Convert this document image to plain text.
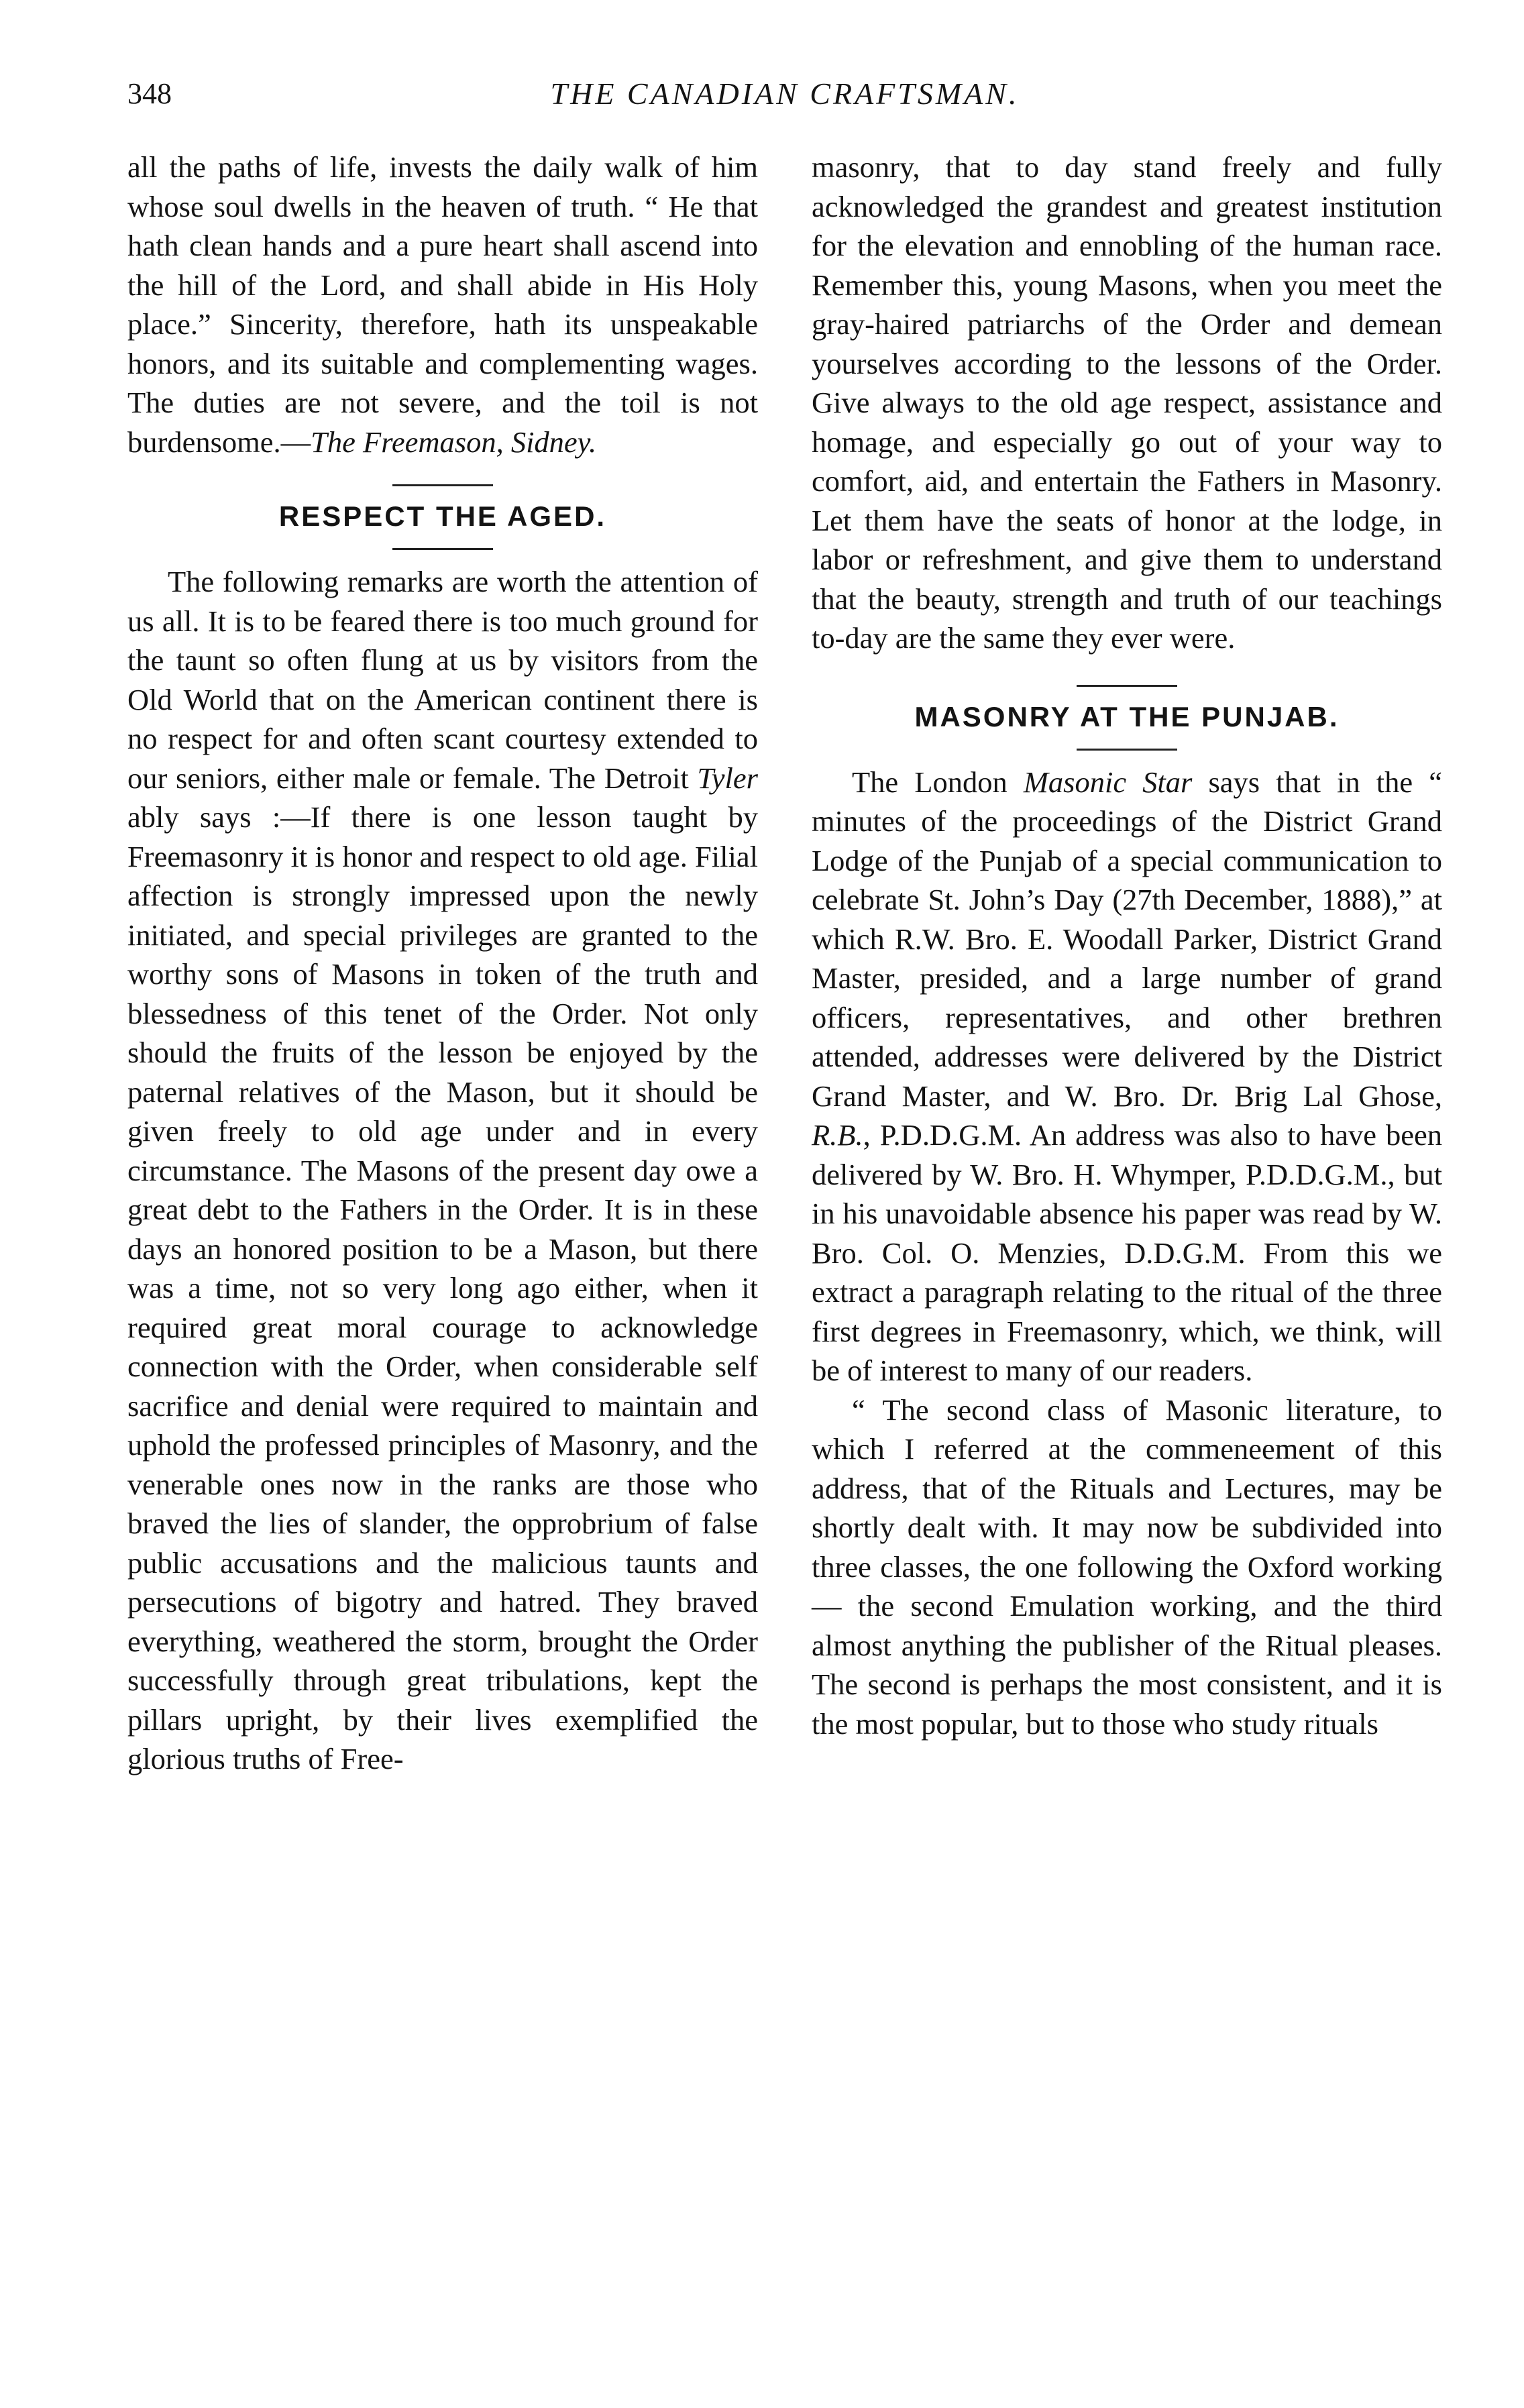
348	THE CANADIAN CRAFTSMAN.

all the paths of life, invests the daily walk of him whose soul dwells in the heaven of truth. “ He that hath clean hands and a pure heart shall ascend into the hill of the Lord, and shall abide in His Holy place.” Sincerity, therefore, hath its unspeakable honors, and its suitable and complementing wages. The duties are not severe, and the toil is not burdensome.—The Freemason, Sidney.

RESPECT THE AGED.

The following remarks are worth the attention of us all. It is to be feared there is too much ground for the taunt so often flung at us by visitors from the Old World that on the American continent there is no respect for and often scant courtesy extended to our seniors, either male or female. The Detroit Tyler ably says :—If there is one lesson taught by Freemasonry it is honor and respect to old age. Filial affection is strongly impressed upon the newly initiated, and special privileges are granted to the worthy sons of Masons in token of the truth and blessedness of this tenet of the Order. Not only should the fruits of the lesson be enjoyed by the paternal relatives of the Mason, but it should be given freely to old age under and in every circumstance. The Masons of the present day owe a great debt to the Fathers in the Order. It is in these days an honored position to be a Mason, but there was a time, not so very long ago either, when it required great moral courage to acknowledge connection with the Order, when considerable self sacrifice and denial were required to maintain and uphold the professed principles of Masonry, and the venerable ones now in the ranks are those who braved the lies of slander, the opprobrium of false public accusations and the malicious taunts and persecutions of bigotry and hatred. They braved everything, weathered the storm, brought the Order successfully through great tribulations, kept the pillars upright, by their lives exemplified the glorious truths of Free-

masonry, that to day stand freely and fully acknowledged the grandest and greatest institution for the elevation and ennobling of the human race. Remember this, young Masons, when you meet the gray-haired patriarchs of the Order and demean yourselves according to the lessons of the Order. Give always to the old age respect, assistance and homage, and especially go out of your way to comfort, aid, and entertain the Fathers in Masonry. Let them have the seats of honor at the lodge, in labor or refreshment, and give them to understand that the beauty, strength and truth of our teachings to-day are the same they ever were.

MASONRY AT THE PUNJAB.

The London Masonic Star says that in the “ minutes of the proceedings of the District Grand Lodge of the Punjab of a special communication to celebrate St. John’s Day (27th December, 1888),” at which R.W. Bro. E. Woodall Parker, District Grand Master, presided, and a large number of grand officers, representatives, and other brethren attended, addresses were delivered by the District Grand Master, and W. Bro. Dr. Brig Lal Ghose, R.B., P.D.D.G.M. An address was also to have been delivered by W. Bro. H. Whymper, P.D.D.G.M., but in his unavoidable absence his paper was read by W. Bro. Col. O. Menzies, D.D.G.M. From this we extract a paragraph relating to the ritual of the three first degrees in Freemasonry, which, we think, will be of interest to many of our readers.

“ The second class of Masonic literature, to which I referred at the commeneement of this address, that of the Rituals and Lectures, may be shortly dealt with. It may now be subdivided into three classes, the one following the Oxford working — the second Emulation working, and the third almost anything the publisher of the Ritual pleases. The second is perhaps the most consistent, and it is the most popular, but to those who study rituals
